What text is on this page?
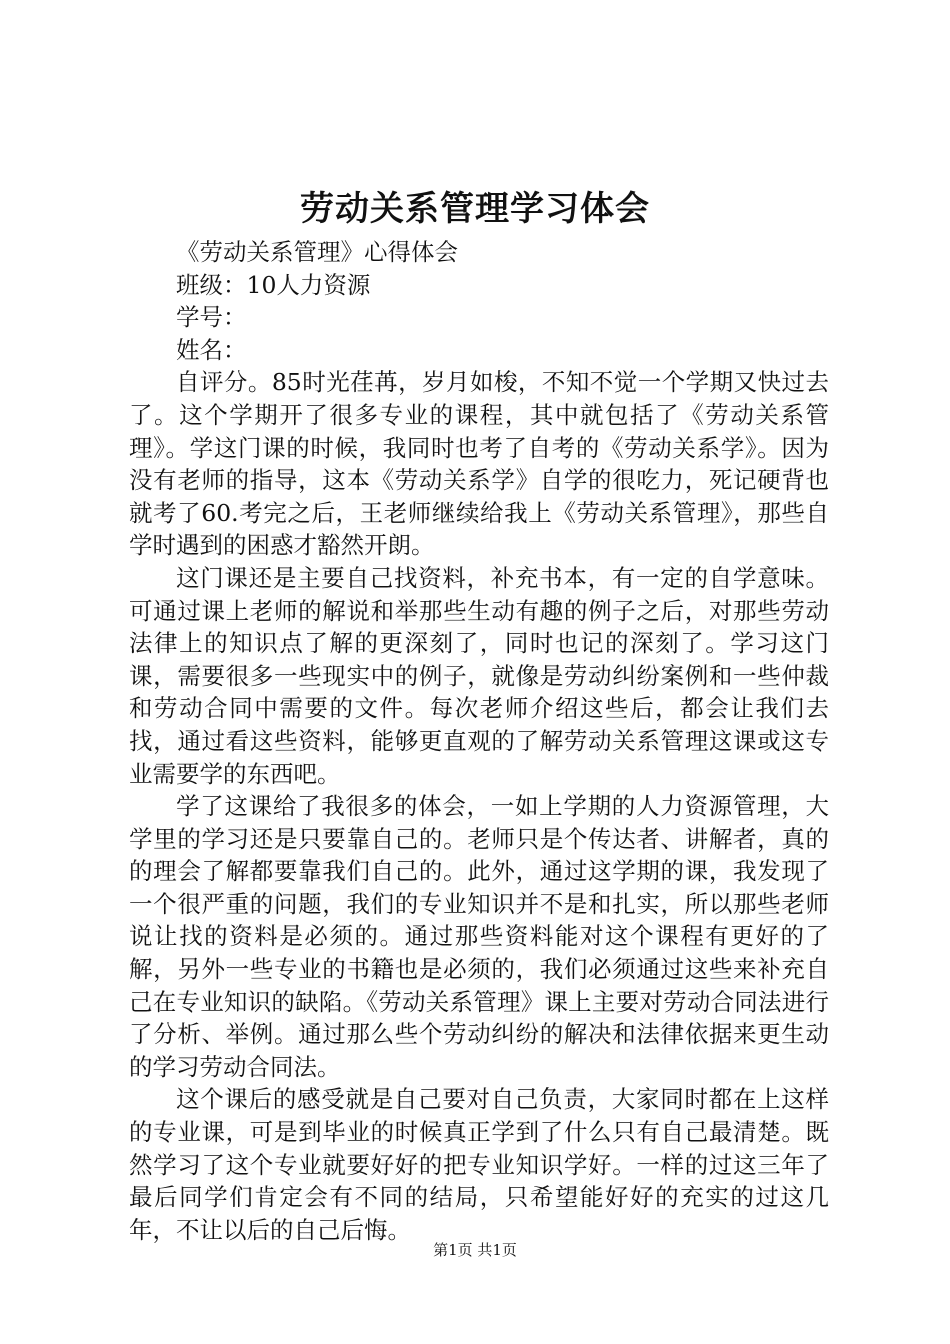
劳动关系管理学习体会

《劳动关系管理》心得体会

班级：10人力资源

学号：

姓名：

自评分。85时光荏苒，岁月如梭，不知不觉一个学期又快过去了。这个学期开了很多专业的课程，其中就包括了《劳动关系管理》。学这门课的时候，我同时也考了自考的《劳动关系学》。因为没有老师的指导，这本《劳动关系学》自学的很吃力，死记硬背也就考了60.考完之后，王老师继续给我上《劳动关系管理》，那些自学时遇到的困惑才豁然开朗。

这门课还是主要自己找资料，补充书本，有一定的自学意味。可通过课上老师的解说和举那些生动有趣的例子之后，对那些劳动法律上的知识点了解的更深刻了，同时也记的深刻了。学习这门课，需要很多一些现实中的例子，就像是劳动纠纷案例和一些仲裁和劳动合同中需要的文件。每次老师介绍这些后，都会让我们去找，通过看这些资料，能够更直观的了解劳动关系管理这课或这专业需要学的东西吧。

学了这课给了我很多的体会，一如上学期的人力资源管理，大学里的学习还是只要靠自己的。老师只是个传达者、讲解者，真的的理会了解都要靠我们自己的。此外，通过这学期的课，我发现了一个很严重的问题，我们的专业知识并不是和扎实，所以那些老师说让找的资料是必须的。通过那些资料能对这个课程有更好的了解，另外一些专业的书籍也是必须的，我们必须通过这些来补充自己在专业知识的缺陷。《劳动关系管理》课上主要对劳动合同法进行了分析、举例。通过那么些个劳动纠纷的解决和法律依据来更生动的学习劳动合同法。

这个课后的感受就是自己要对自己负责，大家同时都在上这样的专业课，可是到毕业的时候真正学到了什么只有自己最清楚。既然学习了这个专业就要好好的把专业知识学好。一样的过这三年了最后同学们肯定会有不同的结局，只希望能好好的充实的过这几年，不让以后的自己后悔。

第1页 共1页
